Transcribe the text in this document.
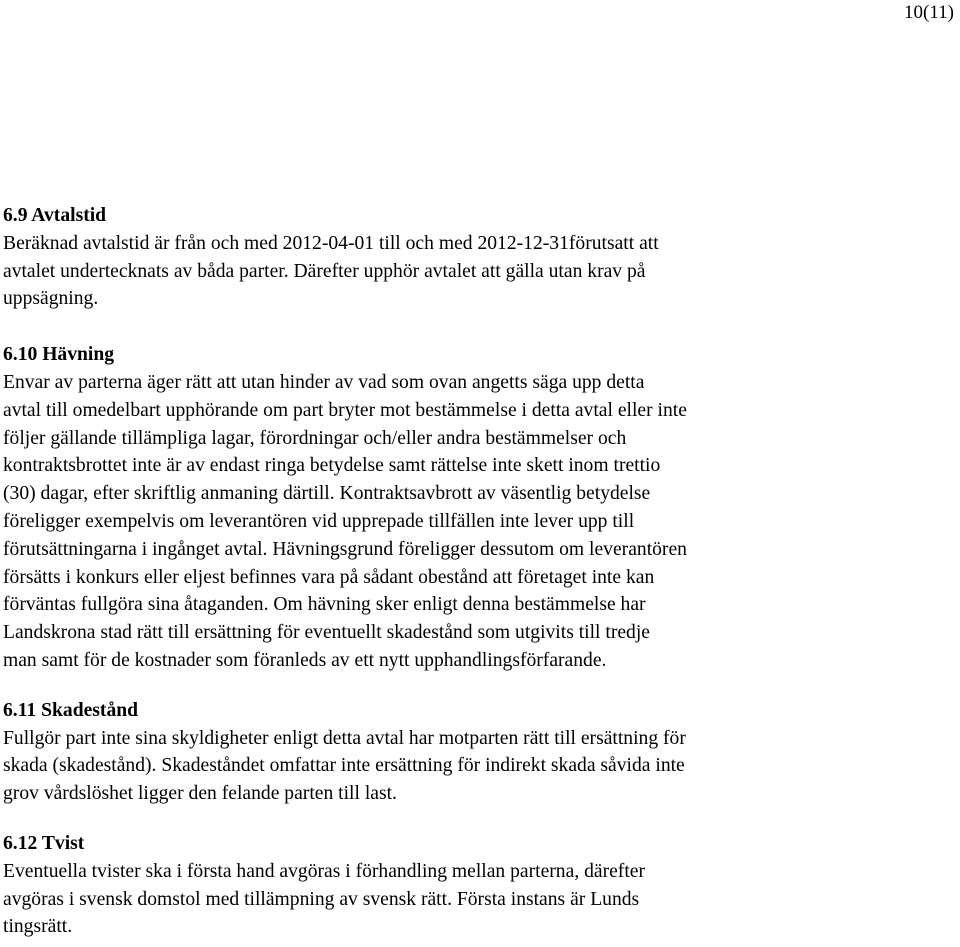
10(11)
6.9 Avtalstid
Beräknad avtalstid är från och med 2012-04-01 till och med 2012-12-31förutsatt att
avtalet undertecknats av båda parter. Därefter upphör avtalet att gälla utan krav på
uppsägning.
6.10 Hävning
Envar av parterna äger rätt att utan hinder av vad som ovan angetts säga upp detta
avtal till omedelbart upphörande om part bryter mot bestämmelse i detta avtal eller inte
följer gällande tillämpliga lagar, förordningar och/eller andra bestämmelser och
kontraktsbrottet inte är av endast ringa betydelse samt rättelse inte skett inom trettio
(30) dagar, efter skriftlig anmaning därtill. Kontraktsavbrott av väsentlig betydelse
föreligger exempelvis om leverantören vid upprepade tillfällen inte lever upp till
förutsättningarna i ingånget avtal. Hävningsgrund föreligger dessutom om leverantören
försätts i konkurs eller eljest befinnes vara på sådant obestånd att företaget inte kan
förväntas fullgöra sina åtaganden. Om hävning sker enligt denna bestämmelse har
Landskrona stad rätt till ersättning för eventuellt skadestånd som utgivits till tredje
man samt för de kostnader som föranleds av ett nytt upphandlingsförfarande.
6.11 Skadestånd
Fullgör part inte sina skyldigheter enligt detta avtal har motparten rätt till ersättning för
skada (skadestånd). Skadeståndet omfattar inte ersättning för indirekt skada såvida inte
grov vårdslöshet ligger den felande parten till last.
6.12 Tvist
Eventuella tvister ska i första hand avgöras i förhandling mellan parterna, därefter
avgöras i svensk domstol med tillämpning av svensk rätt. Första instans är Lunds
tingsrätt.
